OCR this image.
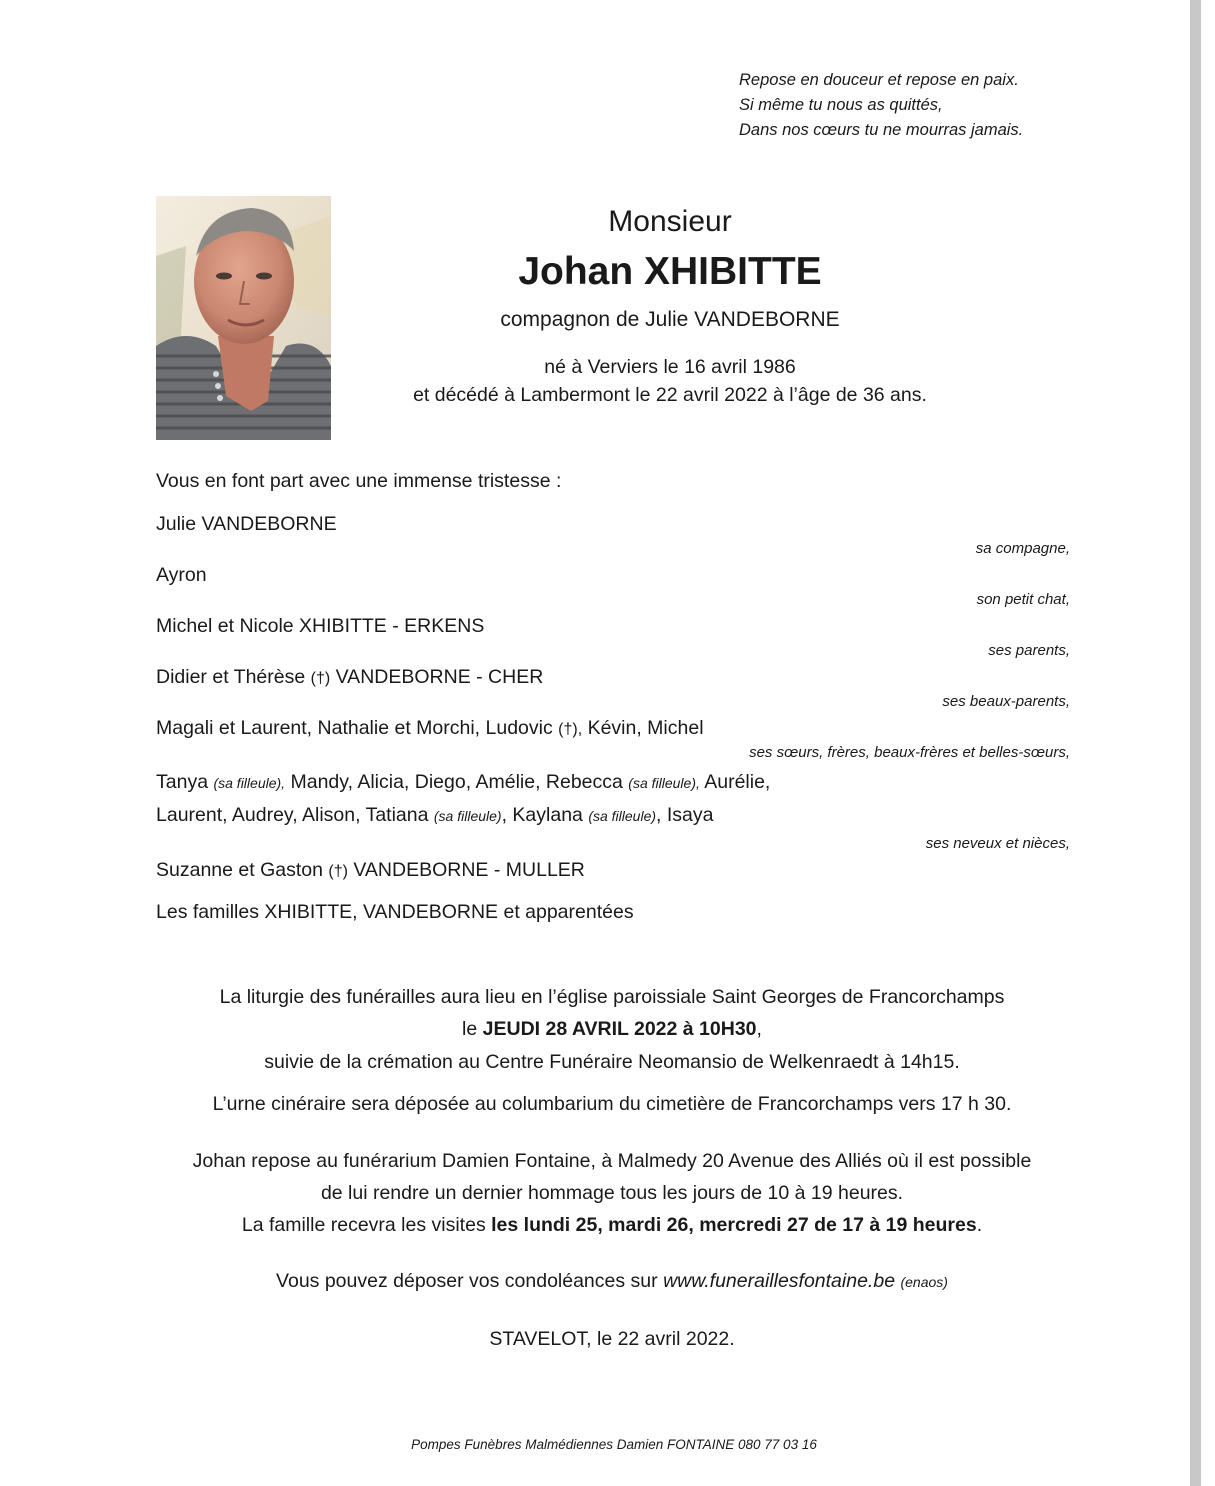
Repose en douceur et repose en paix.
Si même tu nous as quittés,
Dans nos cœurs tu ne mourras jamais.
Monsieur
Johan XHIBITTE
compagnon de Julie VANDEBORNE
né à Verviers le 16 avril 1986
et décédé à Lambermont le 22 avril 2022 à l’âge de 36 ans.
Vous en font part avec une immense tristesse :
Julie VANDEBORNE
sa compagne,
Ayron
son petit chat,
Michel et Nicole XHIBITTE - ERKENS
ses parents,
Didier et Thérèse (†) VANDEBORNE - CHER
ses beaux-parents,
Magali et Laurent, Nathalie et Morchi, Ludovic (†), Kévin, Michel
ses sœurs, frères, beaux-frères et belles-sœurs,
Tanya (sa filleule), Mandy, Alicia, Diego, Amélie, Rebecca (sa filleule), Aurélie,
Laurent, Audrey, Alison, Tatiana (sa filleule), Kaylana (sa filleule), Isaya
ses neveux et nièces,
Suzanne et Gaston (†) VANDEBORNE - MULLER
Les familles XHIBITTE, VANDEBORNE et apparentées
La liturgie des funérailles aura lieu en l’église paroissiale Saint Georges de Francorchamps
le JEUDI 28 AVRIL 2022 à 10H30,
suivie de la crémation au Centre Funéraire Neomansio de Welkenraedt à 14h15.
L’urne cinéraire sera déposée au columbarium du cimetière de Francorchamps vers 17 h 30.
Johan repose au funérarium Damien Fontaine, à Malmedy 20 Avenue des Alliés où il est possible
de lui rendre un dernier hommage tous les jours de 10 à 19 heures.
La famille recevra les visites les lundi 25, mardi 26, mercredi 27 de 17 à 19 heures.
Vous pouvez déposer vos condoléances sur www.funeraillesfontaine.be (enaos)
STAVELOT, le 22 avril 2022.
Pompes Funèbres Malmédiennes Damien FONTAINE 080 77 03 16
